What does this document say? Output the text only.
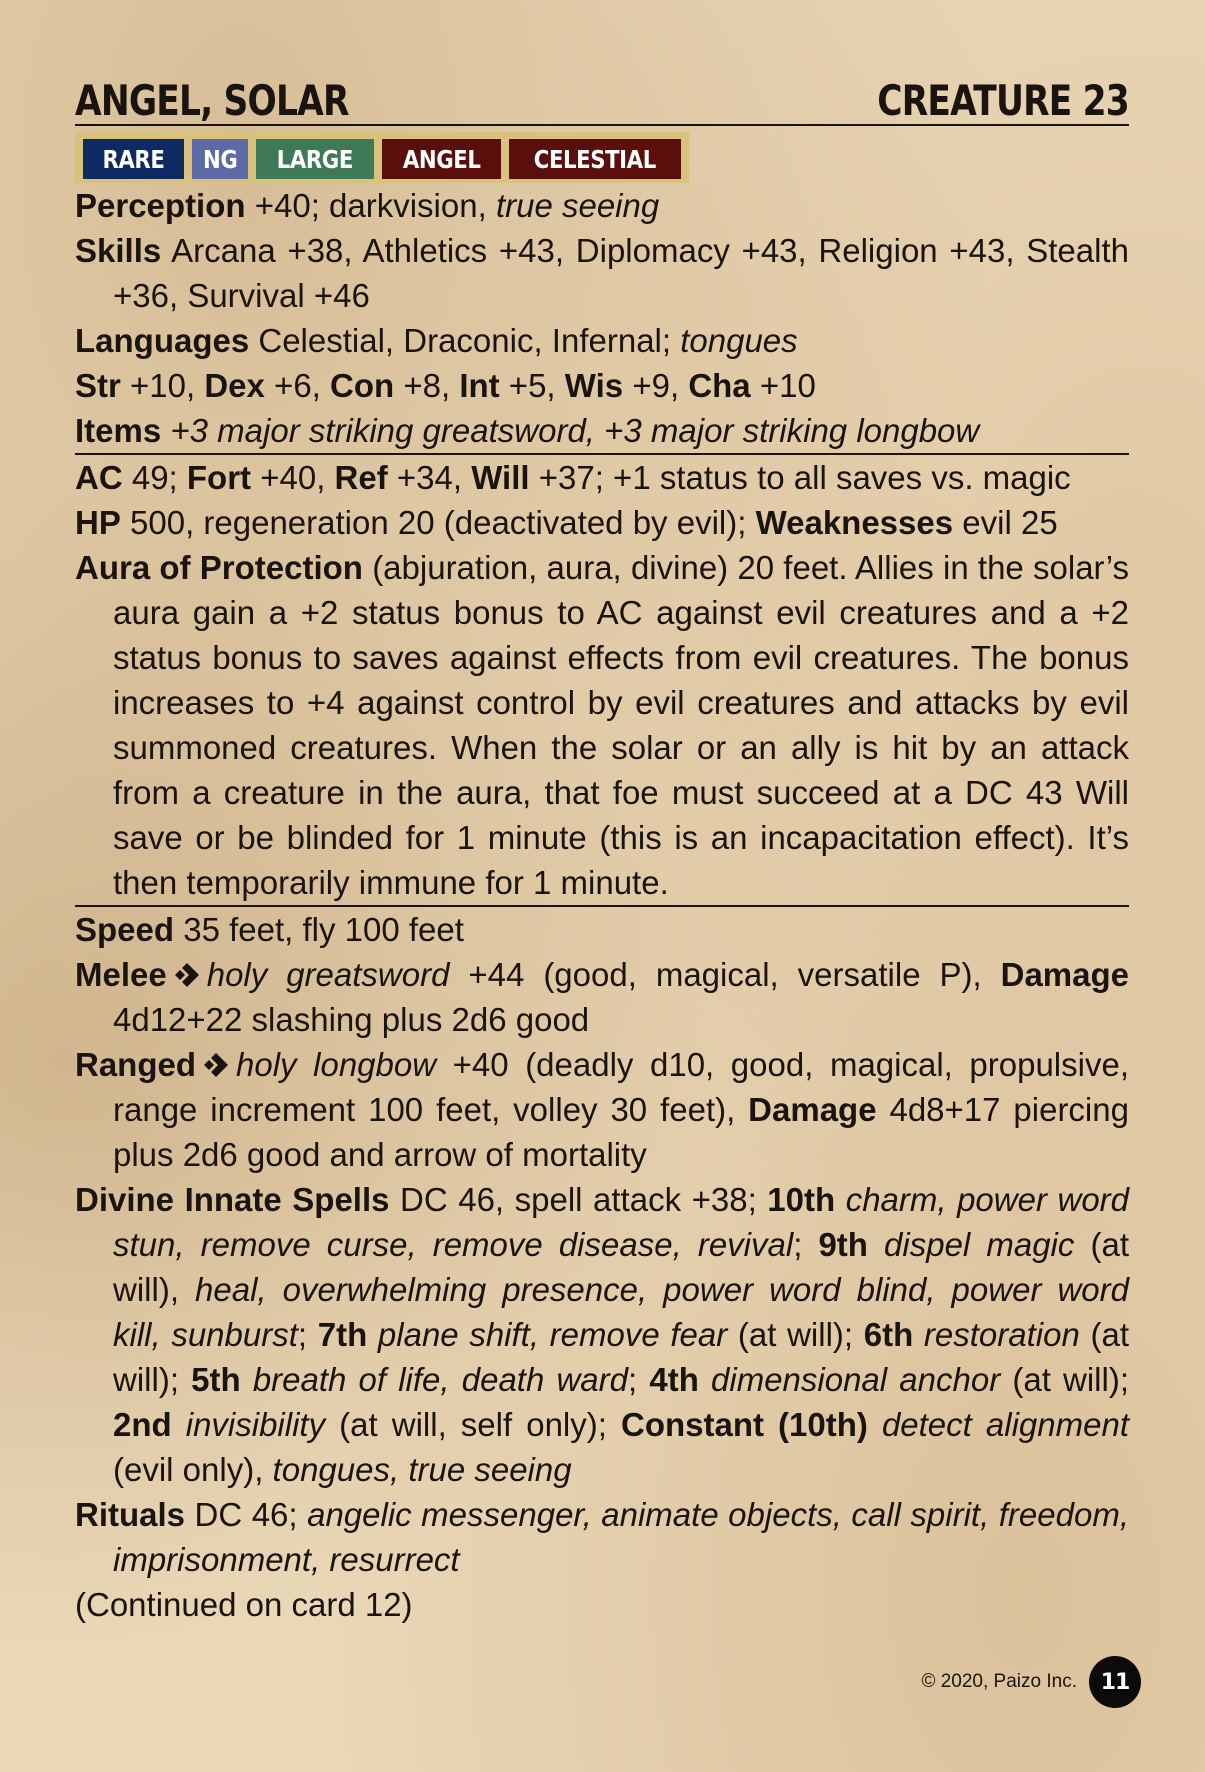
ANGEL, SOLAR	CREATURE 23
RARE	NG	LARGE	ANGEL	CELESTIAL

Perception +40; darkvision, true seeing

Skills Arcana +38, Athletics +43, Diplomacy +43, Religion +43, Stealth +36, Survival +46

Languages Celestial, Draconic, Infernal; tongues

Str +10, Dex +6, Con +8, Int +5, Wis +9, Cha +10

Items +3 major striking greatsword, +3 major striking longbow

AC 49; Fort +40, Ref +34, Will +37; +1 status to all saves vs. magic

HP 500, regeneration 20 (deactivated by evil); Weaknesses evil 25

Aura of Protection (abjuration, aura, divine) 20 feet. Allies in the solar’s aura gain a +2 status bonus to AC against evil creatures and a +2 status bonus to saves against effects from evil creatures. The bonus increases to +4 against control by evil creatures and attacks by evil summoned creatures. When the solar or an ally is hit by an attack from a creature in the aura, that foe must succeed at a DC 43 Will save or be blinded for 1 minute (this is an incapacitation effect). It’s then temporarily immune for 1 minute.

Speed 35 feet, fly 100 feet

Melee holy greatsword +44 (good, magical, versatile P), Damage 4d12+22 slashing plus 2d6 good

Ranged holy longbow +40 (deadly d10, good, magical, propulsive, range increment 100 feet, volley 30 feet), Damage 4d8+17 piercing plus 2d6 good and arrow of mortality

Divine Innate Spells DC 46, spell attack +38; 10th charm, power word stun, remove curse, remove disease, revival; 9th dispel magic (at will), heal, overwhelming presence, power word blind, power word kill, sunburst; 7th plane shift, remove fear (at will); 6th restoration (at will); 5th breath of life, death ward; 4th dimensional anchor (at will); 2nd invisibility (at will, self only); Constant (10th) detect alignment (evil only), tongues, true seeing

Rituals DC 46; angelic messenger, animate objects, call spirit, freedom, imprisonment, resurrect

(Continued on card 12)

© 2020, Paizo Inc.	11
